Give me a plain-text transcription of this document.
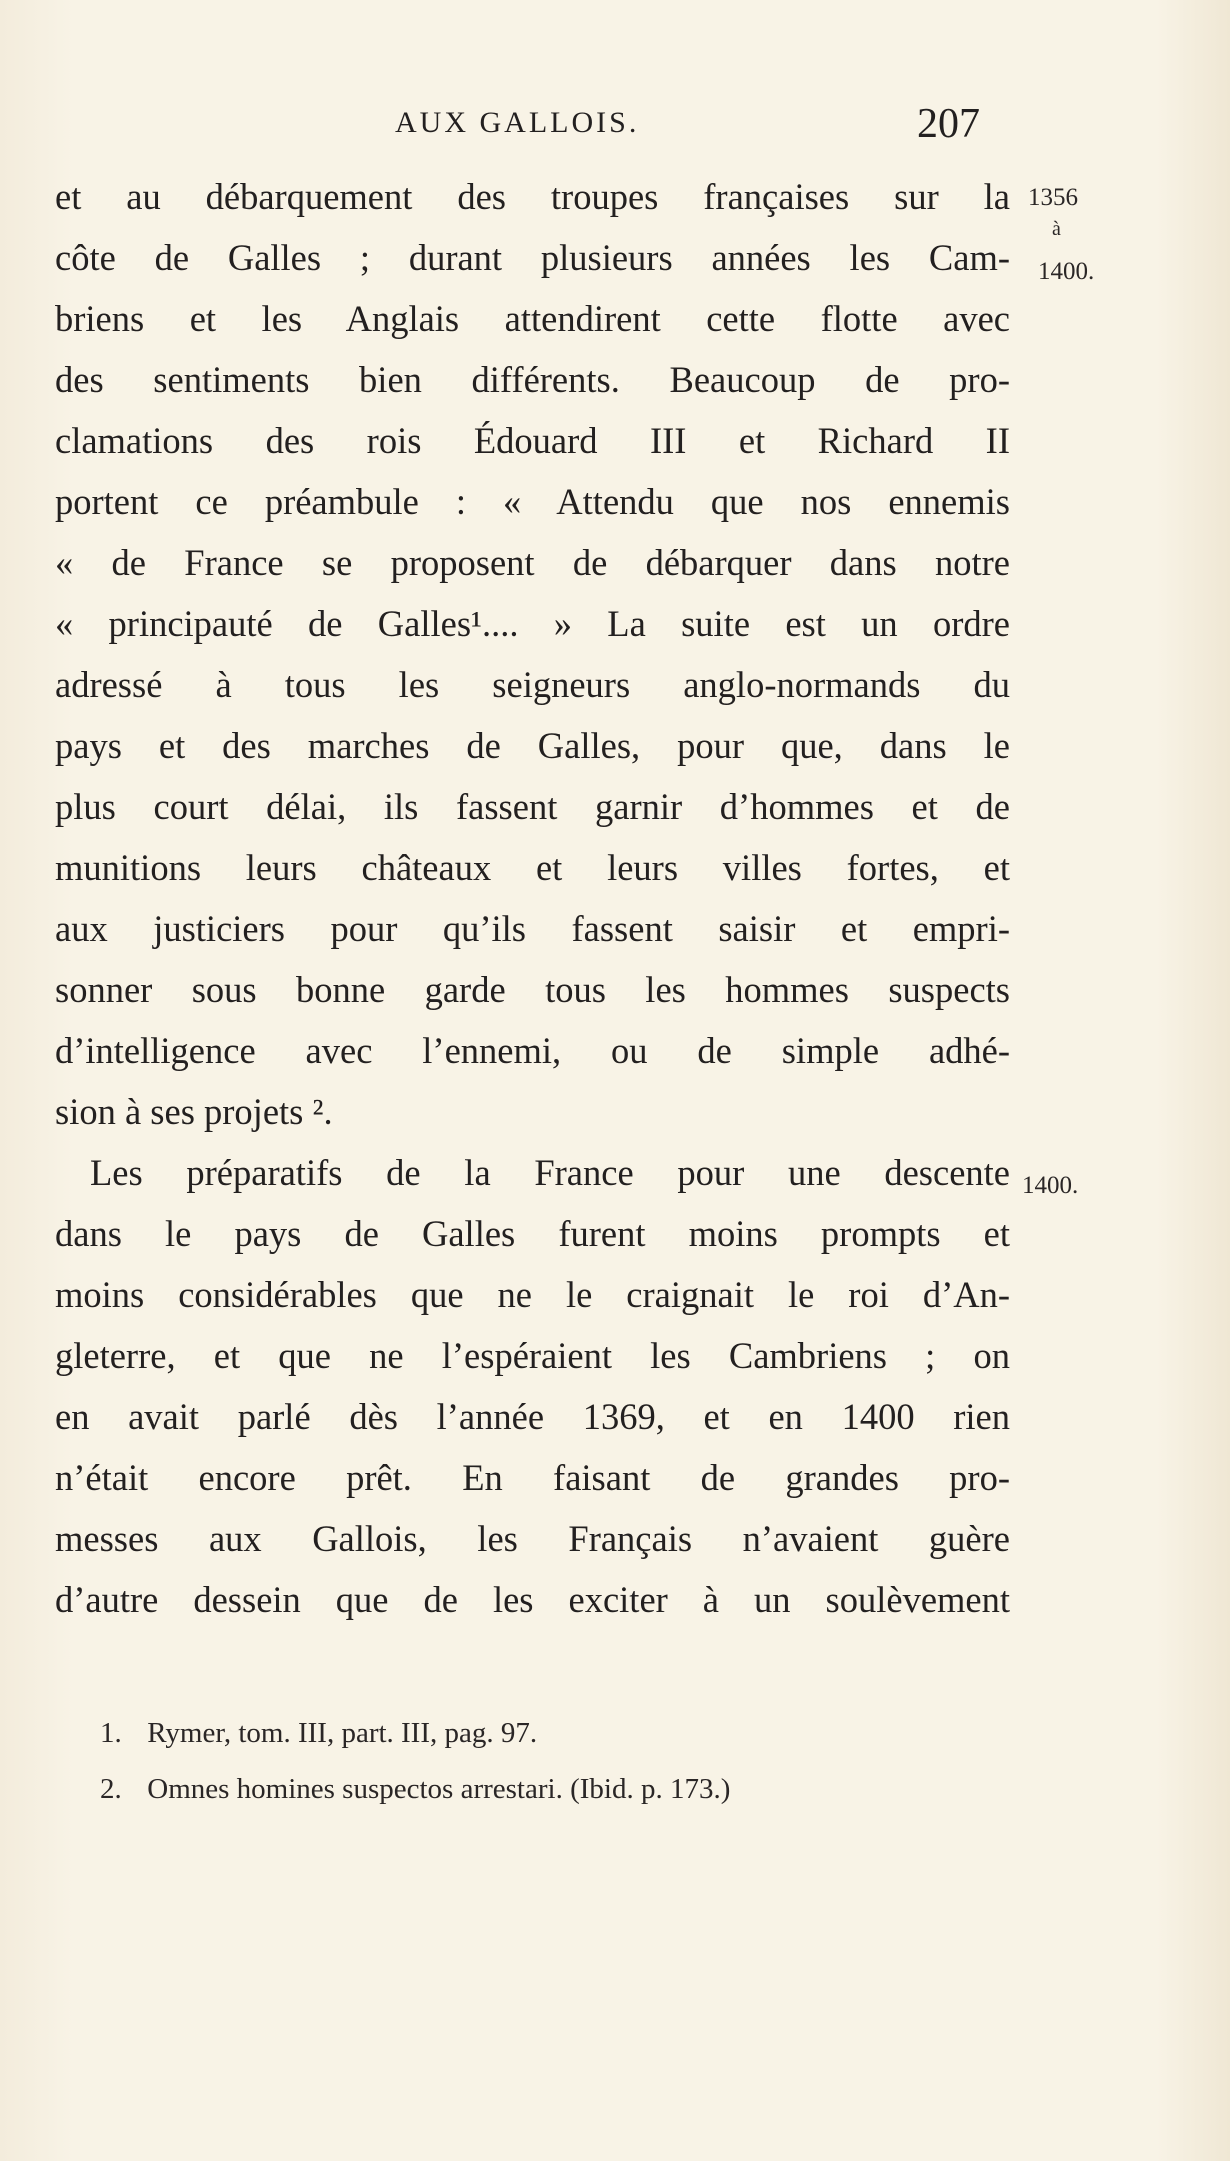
AUX GALLOIS.	207
1356
à
1400.
1400.
et au débarquement des troupes françaises sur la
côte de Galles ; durant plusieurs années les Cam-
briens et les Anglais attendirent cette flotte avec
des sentiments bien différents. Beaucoup de pro-
clamations des rois Édouard III et Richard II
portent ce préambule : « Attendu que nos ennemis
« de France se proposent de débarquer dans notre
« principauté de Galles¹.... » La suite est un ordre
adressé à tous les seigneurs anglo-normands du
pays et des marches de Galles, pour que, dans le
plus court délai, ils fassent garnir d’hommes et de
munitions leurs châteaux et leurs villes fortes, et
aux justiciers pour qu’ils fassent saisir et empri-
sonner sous bonne garde tous les hommes suspects
d’intelligence avec l’ennemi, ou de simple adhé-
sion à ses projets ².
Les préparatifs de la France pour une descente
dans le pays de Galles furent moins prompts et
moins considérables que ne le craignait le roi d’An-
gleterre, et que ne l’espéraient les Cambriens ; on
en avait parlé dès l’année 1369, et en 1400 rien
n’était encore prêt. En faisant de grandes pro-
messes aux Gallois, les Français n’avaient guère
d’autre dessein que de les exciter à un soulèvement
1. Rymer, tom. III, part. III, pag. 97.
2. Omnes homines suspectos arrestari. (Ibid. p. 173.)
